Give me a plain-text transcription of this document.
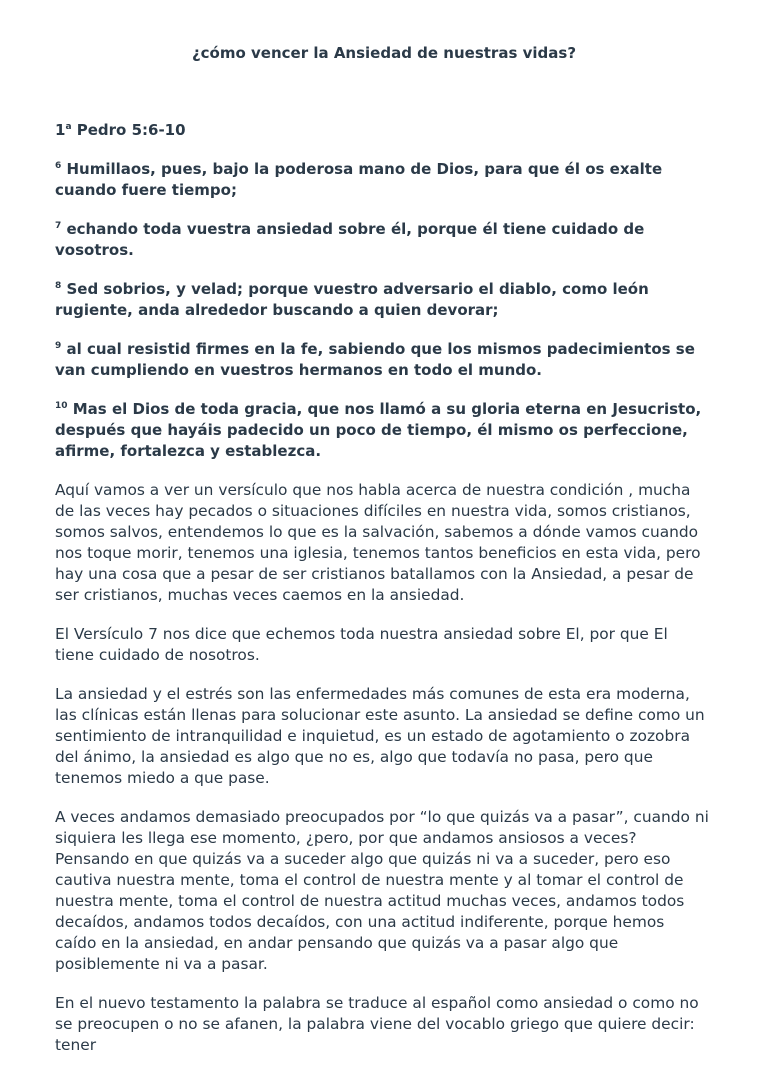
¿cómo vencer la Ansiedad de nuestras vidas?
1$^a$ Pedro 5:6-10
$^6$ Humillaos, pues, bajo la poderosa mano de Dios, para que él os exalte cuando fuere tiempo;
$^7$ echando toda vuestra ansiedad sobre él, porque él tiene cuidado de vosotros.
$^8$ Sed sobrios, y velad; porque vuestro adversario el diablo, como león rugiente, anda alrededor buscando a quien devorar;
$^9$ al cual resistid firmes en la fe, sabiendo que los mismos padecimientos se van cumpliendo en vuestros hermanos en todo el mundo.
$^{10}$ Mas el Dios de toda gracia, que nos llamó a su gloria eterna en Jesucristo, después que hayáis padecido un poco de tiempo, él mismo os perfeccione, afirme, fortalezca y establezca.

Aquí vamos a ver un versículo que nos habla acerca de nuestra condición , mucha de las veces hay pecados o situaciones difíciles en nuestra vida, somos cristianos, somos salvos, entendemos lo que es la salvación, sabemos a dónde vamos cuando nos toque morir, tenemos una iglesia, tenemos tantos beneficios en esta vida, pero hay una cosa que a pesar de ser cristianos batallamos con la Ansiedad, a pesar de ser cristianos, muchas veces caemos en la ansiedad.

El Versículo 7 nos dice que echemos toda nuestra ansiedad sobre El, por que El tiene cuidado de nosotros.

La ansiedad y el estrés son las enfermedades más comunes de esta era moderna, las clínicas están llenas para solucionar este asunto. La ansiedad se define como un sentimiento de intranquilidad e inquietud, es un estado de agotamiento o zozobra del ánimo, la ansiedad es algo que no es, algo que todavía no pasa, pero que tenemos miedo a que pase.

A veces andamos demasiado preocupados por “lo que quizás va a pasar”, cuando ni siquiera les llega ese momento, ¿pero, por que andamos ansiosos a veces? Pensando en que quizás va a suceder algo que quizás ni va a suceder, pero eso cautiva nuestra mente, toma el control de nuestra mente y al tomar el control de nuestra mente, toma el control de nuestra actitud muchas veces, andamos todos decaídos, andamos todos decaídos, con una actitud indiferente, porque hemos caído en la ansiedad, en andar pensando que quizás va a pasar algo que posiblemente ni va a pasar.

En el nuevo testamento la palabra se traduce al español como ansiedad o como no se preocupen o no se afanen, la palabra viene del vocablo griego que quiere decir: tener
